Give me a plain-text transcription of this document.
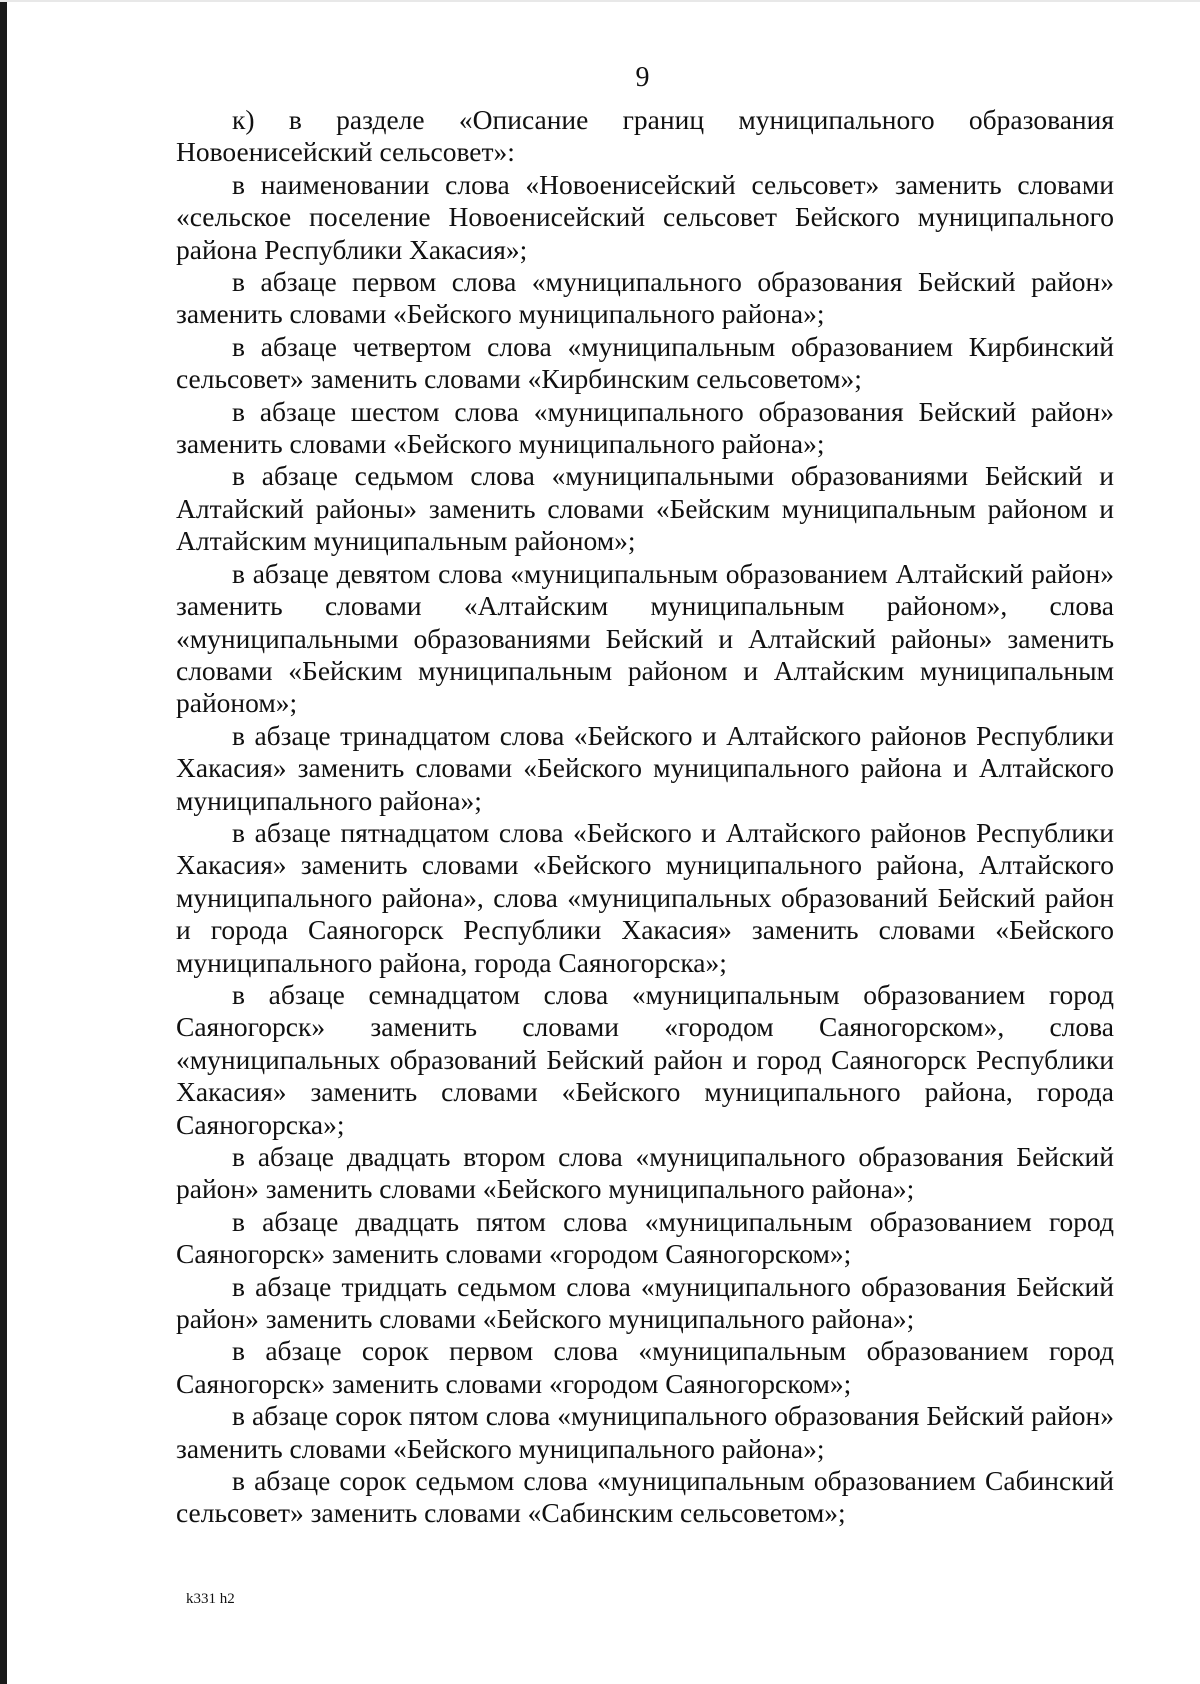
9

к) в разделе «Описание границ муниципального образования Новоенисейский сельсовет»:

в наименовании слова «Новоенисейский сельсовет» заменить словами «сельское поселение Новоенисейский сельсовет Бейского муниципального района Республики Хакасия»;

в абзаце первом слова «муниципального образования Бейский район» заменить словами «Бейского муниципального района»;

в абзаце четвертом слова «муниципальным образованием Кирбинский сельсовет» заменить словами «Кирбинским сельсоветом»;

в абзаце шестом слова «муниципального образования Бейский район» заменить словами «Бейского муниципального района»;

в абзаце седьмом слова «муниципальными образованиями Бейский и Алтайский районы» заменить словами «Бейским муниципальным районом и Алтайским муниципальным районом»;

в абзаце девятом слова «муниципальным образованием Алтайский район» заменить словами «Алтайским муниципальным районом», слова «муниципальными образованиями Бейский и Алтайский районы» заменить словами «Бейским муниципальным районом и Алтайским муниципальным районом»;

в абзаце тринадцатом слова «Бейского и Алтайского районов Республики Хакасия» заменить словами «Бейского муниципального района и Алтайского муниципального района»;

в абзаце пятнадцатом слова «Бейского и Алтайского районов Республики Хакасия» заменить словами «Бейского муниципального района, Алтайского муниципального района», слова «муниципальных образований Бейский район и города Саяногорск Республики Хакасия» заменить словами «Бейского муниципального района, города Саяногорска»;

в абзаце семнадцатом слова «муниципальным образованием город Саяногорск» заменить словами «городом Саяногорском», слова «муниципальных образований Бейский район и город Саяногорск Республики Хакасия» заменить словами «Бейского муниципального района, города Саяногорска»;

в абзаце двадцать втором слова «муниципального образования Бейский район» заменить словами «Бейского муниципального района»;

в абзаце двадцать пятом слова «муниципальным образованием город Саяногорск» заменить словами «городом Саяногорском»;

в абзаце тридцать седьмом слова «муниципального образования Бейский район» заменить словами «Бейского муниципального района»;

в абзаце сорок первом слова «муниципальным образованием город Саяногорск» заменить словами «городом Саяногорском»;

в абзаце сорок пятом слова «муниципального образования Бейский район» заменить словами «Бейского муниципального района»;

в абзаце сорок седьмом слова «муниципальным образованием Сабинский сельсовет» заменить словами «Сабинским сельсоветом»;

k331 h2
